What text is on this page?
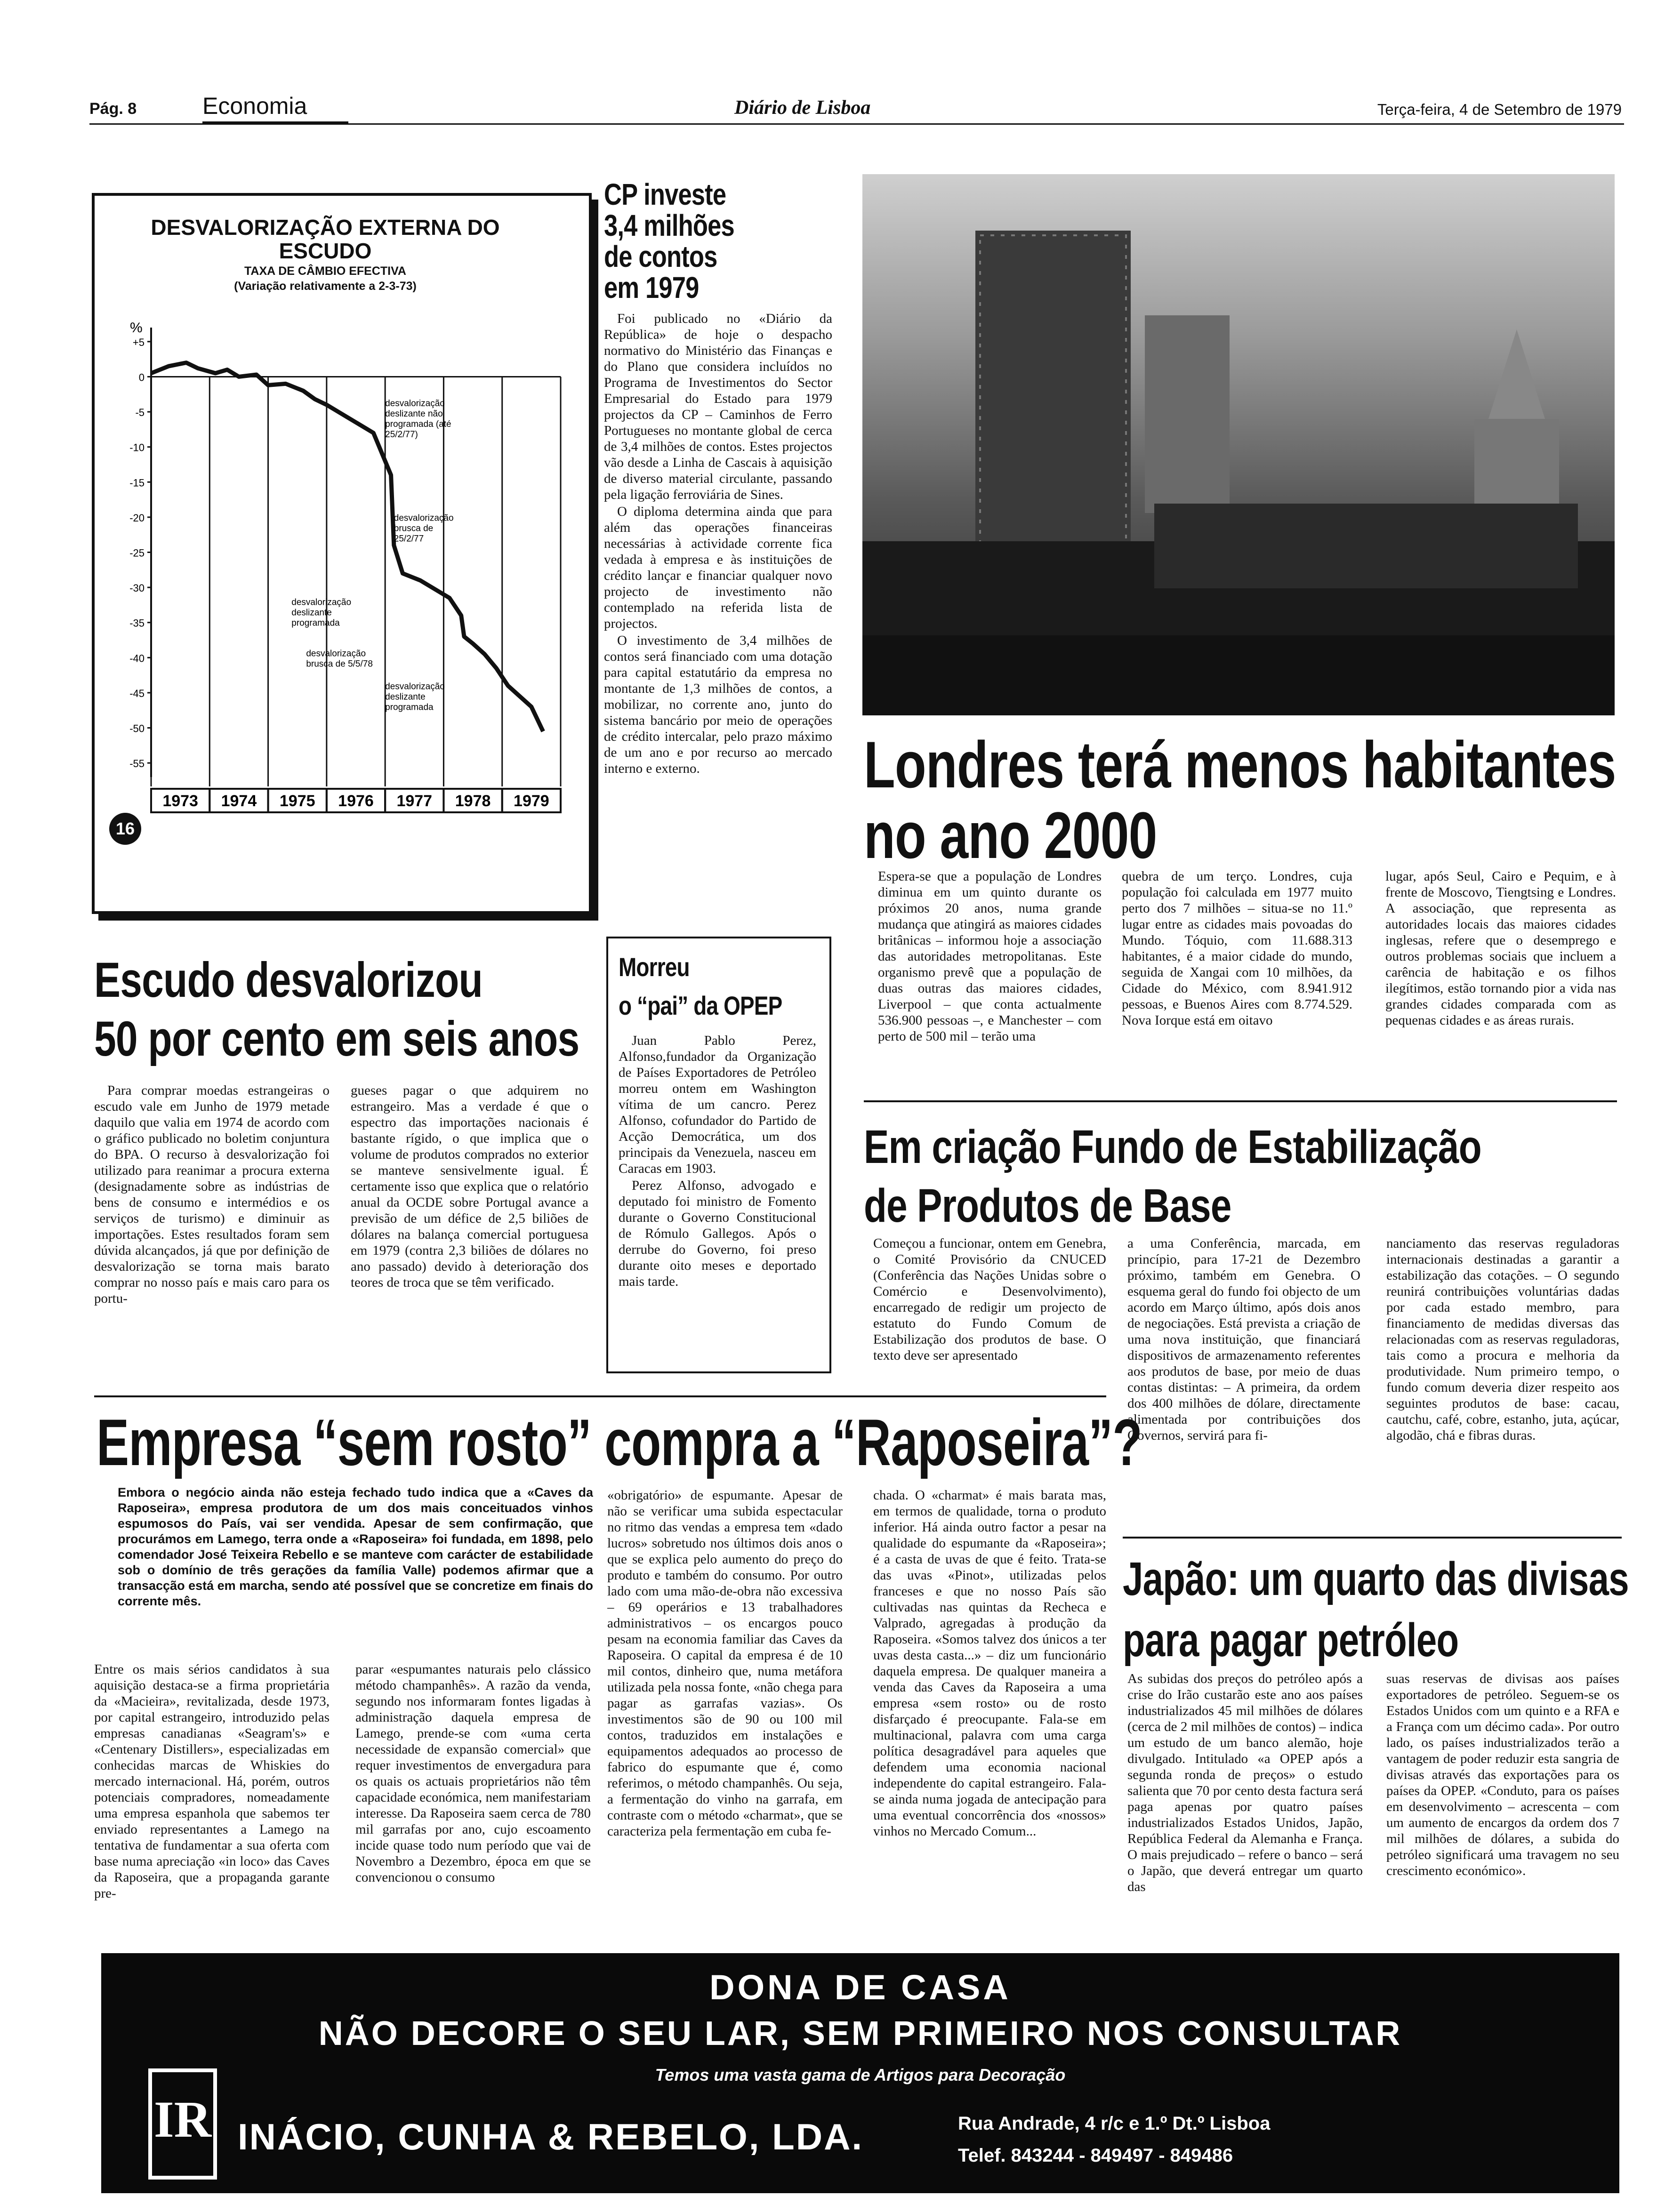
Pág. 8	Economia	Diário de Lisboa	Terça-feira, 4 de Setembro de 1979
DESVALORIZAÇÃO EXTERNA DO ESCUDO
TAXA DE CÂMBIO EFECTIVA
(Variação relativamente a 2-3-73)
%
+5
0
-5
-10
-15
-20
-25
-30
-35
-40
-45
-50
-55
1973 1974 1975 1976 1977 1978 1979
desvalorização deslizante não programada (até 25/2/77)
desvalorização brusca de 25/2/77
desvalorização deslizante programada
desvalorização brusca de 5/5/78
desvalorização deslizante programada
16
CP investe
3,4 milhões
de contos
em 1979

Foi publicado no «Diário da República» de hoje o despacho normativo do Ministério das Finanças e do Plano que considera incluídos no Programa de Investimentos do Sector Empresarial do Estado para 1979 projectos da CP – Caminhos de Ferro Portugueses no montante global de cerca de 3,4 milhões de contos. Estes projectos vão desde a Linha de Cascais à aquisição de diverso material circulante, passando pela ligação ferroviária de Sines.

O diploma determina ainda que para além das operações financeiras necessárias à actividade corrente fica vedada à empresa e às instituições de crédito lançar e financiar qualquer novo projecto de investimento não contemplado na referida lista de projectos.

O investimento de 3,4 milhões de contos será financiado com uma dotação para capital estatutário da empresa no montante de 1,3 milhões de contos, a mobilizar, no corrente ano, junto do sistema bancário por meio de operações de crédito intercalar, pelo prazo máximo de um ano e por recurso ao mercado interno e externo.	Londres terá menos habitantes
no ano 2000
Espera-se que a população de Londres diminua em um quinto durante os próximos 20 anos, numa grande mudança que atingirá as maiores cidades britânicas – informou hoje a associação das autoridades metropolitanas. Este organismo prevê que a população de duas outras das maiores cidades, Liverpool – que conta actualmente 536.900 pessoas –, e Manchester – com perto de 500 mil – terão uma
quebra de um terço. Londres, cuja população foi calculada em 1977 muito perto dos 7 milhões – situa-se no 11.º lugar entre as cidades mais povoadas do Mundo. Tóquio, com 11.688.313 habitantes, é a maior cidade do mundo, seguida de Xangai com 10 milhões, da Cidade do México, com 8.941.912 pessoas, e Buenos Aires com 8.774.529. Nova Iorque está em oitavo
lugar, após Seul, Cairo e Pequim, e à frente de Moscovo, Tiengtsing e Londres. A associação, que representa as autoridades locais das maiores cidades inglesas, refere que o desemprego e outros problemas sociais que incluem a carência de habitação e os filhos ilegítimos, estão tornando pior a vida nas grandes cidades comparada com as pequenas cidades e as áreas rurais.
Escudo desvalorizou
50 por cento em seis anos
Para comprar moedas estrangeiras o escudo vale em Junho de 1979 metade daquilo que valia em 1974 de acordo com o gráfico publicado no boletim conjuntura do BPA. O recurso à desvalorização foi utilizado para reanimar a procura externa (designadamente sobre as indústrias de bens de consumo e intermédios e os serviços de turismo) e diminuir as importações. Estes resultados foram sem dúvida alcançados, já que por definição de desvalorização se torna mais barato comprar no nosso país e mais caro para os portu-
gueses pagar o que adquirem no estrangeiro. Mas a verdade é que o espectro das importações nacionais é bastante rígido, o que implica que o volume de produtos comprados no exterior se manteve sensivelmente igual. É certamente isso que explica que o relatório anual da OCDE sobre Portugal avance a previsão de um défice de 2,5 biliões de dólares na balança comercial portuguesa em 1979 (contra 2,3 biliões de dólares no ano passado) devido à deterioração dos teores de troca que se têm verificado.
Morreu
o “pai” da OPEP

Juan Pablo Perez, Alfonso,fundador da Organização de Países Exportadores de Petróleo morreu ontem em Washington vítima de um cancro. Perez Alfonso, cofundador do Partido de Acção Democrática, um dos principais da Venezuela, nasceu em Caracas em 1903.

Perez Alfonso, advogado e deputado foi ministro de Fomento durante o Governo Constitucional de Rómulo Gallegos. Após o derrube do Governo, foi preso durante oito meses e deportado mais tarde.

Em criação Fundo de Estabilização
de Produtos de Base
Começou a funcionar, ontem em Genebra, o Comité Provisório da CNUCED (Conferência das Nações Unidas sobre o Comércio e Desenvolvimento), encarregado de redigir um projecto de estatuto do Fundo Comum de Estabilização dos produtos de base. O texto deve ser apresentado
a uma Conferência, marcada, em princípio, para 17-21 de Dezembro próximo, também em Genebra. O esquema geral do fundo foi objecto de um acordo em Março último, após dois anos de negociações. Está prevista a criação de uma nova instituição, que financiará dispositivos de armazenamento referentes aos produtos de base, por meio de duas contas distintas: – A primeira, da ordem dos 400 milhões de dólare, directamente alimentada por contribuições dos Governos, servirá para fi-
nanciamento das reservas reguladoras internacionais destinadas a garantir a estabilização das cotações. – O segundo reunirá contribuições voluntárias dadas por cada estado membro, para financiamento de medidas diversas das relacionadas com as reservas reguladoras, tais como a procura e melhoria da produtividade. Num primeiro tempo, o fundo comum deveria dizer respeito aos seguintes produtos de base: cacau, cautchu, café, cobre, estanho, juta, açúcar, algodão, chá e fibras duras.
Empresa “sem rosto” compra a “Raposeira”?
Embora o negócio ainda não esteja fechado tudo indica que a «Caves da Raposeira», empresa produtora de um dos mais conceituados vinhos espumosos do País, vai ser vendida. Apesar de sem confirmação, que procurámos em Lamego, terra onde a «Raposeira» foi fundada, em 1898, pelo comendador José Teixeira Rebello e se manteve com carácter de estabilidade sob o domínio de três gerações da família Valle) podemos afirmar que a transacção está em marcha, sendo até possível que se concretize em finais do corrente mês.
Entre os mais sérios candidatos à sua aquisição destaca-se a firma proprietária da «Macieira», revitalizada, desde 1973, por capital estrangeiro, introduzido pelas empresas canadianas «Seagram's» e «Centenary Distillers», especializadas em conhecidas marcas de Whiskies do mercado internacional. Há, porém, outros potenciais compradores, nomeadamente uma empresa espanhola que sabemos ter enviado representantes a Lamego na tentativa de fundamentar a sua oferta com base numa apreciação «in loco» das Caves da Raposeira, que a propaganda garante pre-
parar «espumantes naturais pelo clássico método champanhês». A razão da venda, segundo nos informaram fontes ligadas à administração daquela empresa de Lamego, prende-se com «uma certa necessidade de expansão comercial» que requer investimentos de envergadura para os quais os actuais proprietários não têm capacidade económica, nem manifestariam interesse. Da Raposeira saem cerca de 780 mil garrafas por ano, cujo escoamento incide quase todo num período que vai de Novembro a Dezembro, época em que se convencionou o consumo
«obrigatório» de espumante. Apesar de não se verificar uma subida espectacular no ritmo das vendas a empresa tem «dado lucros» sobretudo nos últimos dois anos o que se explica pelo aumento do preço do produto e também do consumo. Por outro lado com uma mão-de-obra não excessiva – 69 operários e 13 trabalhadores administrativos – os encargos pouco pesam na economia familiar das Caves da Raposeira. O capital da empresa é de 10 mil contos, dinheiro que, numa metáfora utilizada pela nossa fonte, «não chega para pagar as garrafas vazias». Os investimentos são de 90 ou 100 mil contos, traduzidos em instalações e equipamentos adequados ao processo de fabrico do espumante que é, como referimos, o método champanhês. Ou seja, a fermentação do vinho na garrafa, em contraste com o método «charmat», que se caracteriza pela fermentação em cuba fe-
chada. O «charmat» é mais barata mas, em termos de qualidade, torna o produto inferior. Há ainda outro factor a pesar na qualidade do espumante da «Raposeira»; é a casta de uvas de que é feito. Trata-se das uvas «Pinot», utilizadas pelos franceses e que no nosso País são cultivadas nas quintas da Recheca e Valprado, agregadas à produção da Raposeira. «Somos talvez dos únicos a ter uvas desta casta...» – diz um funcionário daquela empresa. De qualquer maneira a venda das Caves da Raposeira a uma empresa «sem rosto» ou de rosto disfarçado é preocupante. Fala-se em multinacional, palavra com uma carga política desagradável para aqueles que defendem uma economia nacional independente do capital estrangeiro. Fala-se ainda numa jogada de antecipação para uma eventual concorrência dos «nossos» vinhos no Mercado Comum...
Japão: um quarto das divisas
para pagar petróleo
As subidas dos preços do petróleo após a crise do Irão custarão este ano aos países industrializados 45 mil milhões de dólares (cerca de 2 mil milhões de contos) – indica um estudo de um banco alemão, hoje divulgado. Intitulado «a OPEP após a segunda ronda de preços» o estudo salienta que 70 por cento desta factura será paga apenas por quatro países industrializados Estados Unidos, Japão, República Federal da Alemanha e França. O mais prejudicado – refere o banco – será o Japão, que deverá entregar um quarto das
suas reservas de divisas aos países exportadores de petróleo. Seguem-se os Estados Unidos com um quinto e a RFA e a França com um décimo cada». Por outro lado, os países industrializados terão a vantagem de poder reduzir esta sangria de divisas através das exportações para os países da OPEP. «Conduto, para os países em desenvolvimento – acrescenta – com um aumento de encargos da ordem dos 7 mil milhões de dólares, a subida do petróleo significará uma travagem no seu crescimento económico».
DONA DE CASA
NÃO DECORE O SEU LAR, SEM PRIMEIRO NOS CONSULTAR
Temos uma vasta gama de Artigos para Decoração
IR INÁCIO, CUNHA & REBELO, LDA.	Rua Andrade, 4 r/c e 1.º Dt.º Lisboa
Telef. 843244 - 849497 - 849486
